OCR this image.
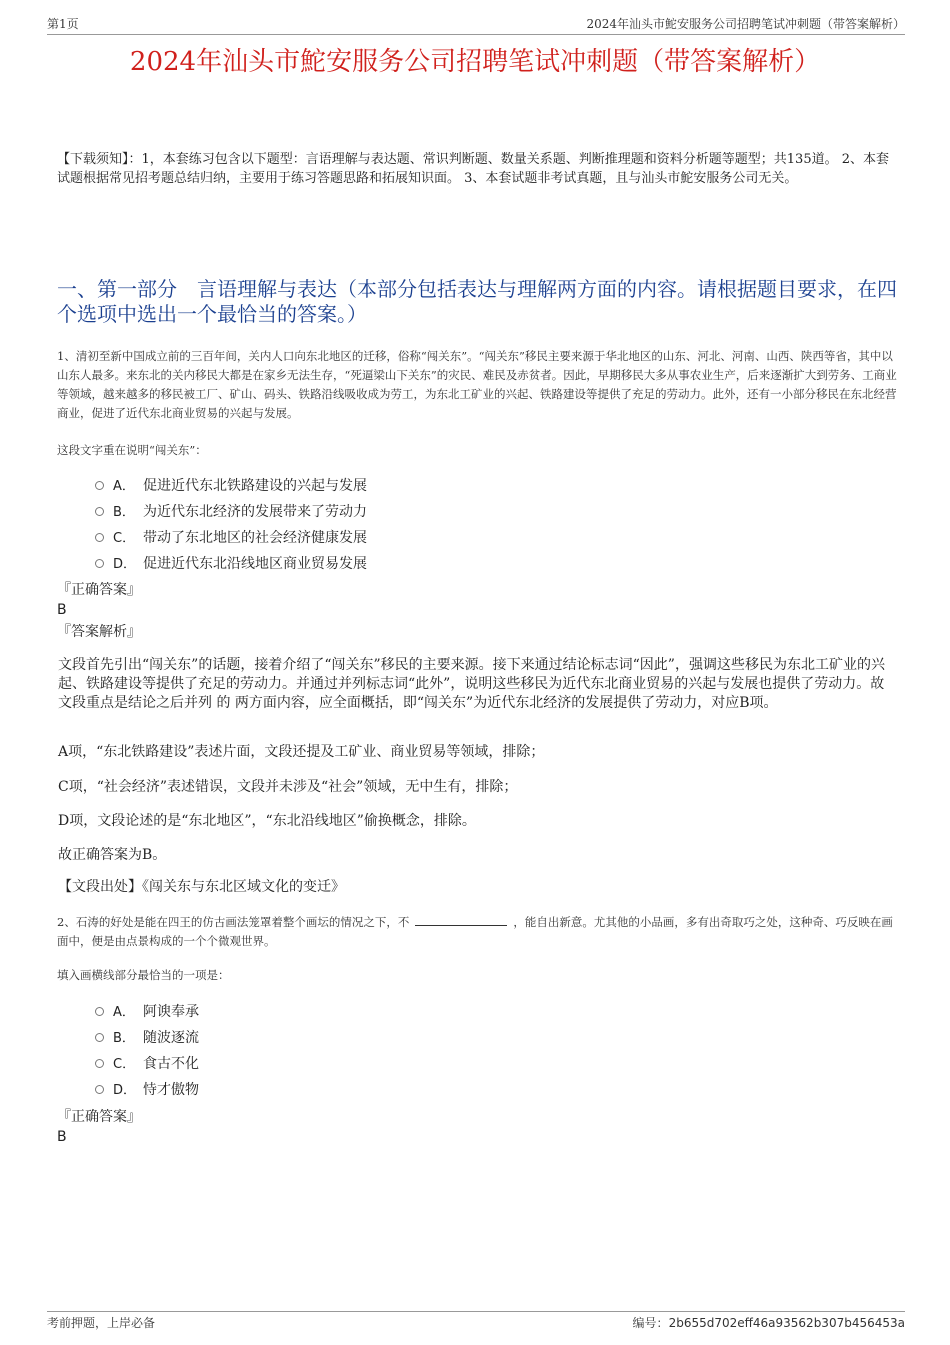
第1页	2024年汕头市鮀安服务公司招聘笔试冲刺题（带答案解析）
2024年汕头市鮀安服务公司招聘笔试冲刺题（带答案解析）
【下载须知】：1，本套练习包含以下题型：言语理解与表达题、常识判断题、数量关系题、判断推理题和资料分析题等题型；共135道。 2、本套试题根据常见招考题总结归纳，主要用于练习答题思路和拓展知识面。 3、本套试题非考试真题，且与汕头市鮀安服务公司无关。
一、第一部分　言语理解与表达（本部分包括表达与理解两方面的内容。请根据题目要求，在四个选项中选出一个最恰当的答案。）
1、清初至新中国成立前的三百年间，关内人口向东北地区的迁移，俗称“闯关东”。“闯关东”移民主要来源于华北地区的山东、河北、河南、山西、陕西等省，其中以山东人最多。来东北的关内移民大都是在家乡无法生存，“死逼梁山下关东”的灾民、难民及赤贫者。因此，早期移民大多从事农业生产，后来逐渐扩大到劳务、工商业等领域，越来越多的移民被工厂、矿山、码头、铁路沿线吸收成为劳工，为东北工矿业的兴起、铁路建设等提供了充足的劳动力。此外，还有一小部分移民在东北经营商业，促进了近代东北商业贸易的兴起与发展。
这段文字重在说明“闯关东”：
A． 促进近代东北铁路建设的兴起与发展
B． 为近代东北经济的发展带来了劳动力
C． 带动了东北地区的社会经济健康发展
D． 促进近代东北沿线地区商业贸易发展
『正确答案』
B
『答案解析』
文段首先引出“闯关东”的话题，接着介绍了“闯关东”移民的主要来源。接下来通过结论标志词“因此”，强调这些移民为东北工矿业的兴起、铁路建设等提供了充足的劳动力。并通过并列标志词“此外”，说明这些移民为近代东北商业贸易的兴起与发展也提供了劳动力。故文段重点是结论之后并列 的 两方面内容，应全面概括，即“闯关东”为近代东北经济的发展提供了劳动力，对应B项。
A项，“东北铁路建设”表述片面，文段还提及工矿业、商业贸易等领域，排除；
C项，“社会经济”表述错误，文段并未涉及“社会”领域，无中生有，排除；
D项，文段论述的是“东北地区”，“东北沿线地区”偷换概念，排除。
故正确答案为B。
【文段出处】《闯关东与东北区域文化的变迁》
2、石涛的好处是能在四王的仿古画法笼罩着整个画坛的情况之下，不	，能自出新意。尤其他的小品画，多有出奇取巧之处，这种奇、巧反映在画面中，便是由点景构成的一个个微观世界。
填入画横线部分最恰当的一项是：
A． 阿谀奉承
B． 随波逐流
C． 食古不化
D． 恃才傲物
『正确答案』
B
考前押题，上岸必备	编号：2b655d702eff46a93562b307b456453a
